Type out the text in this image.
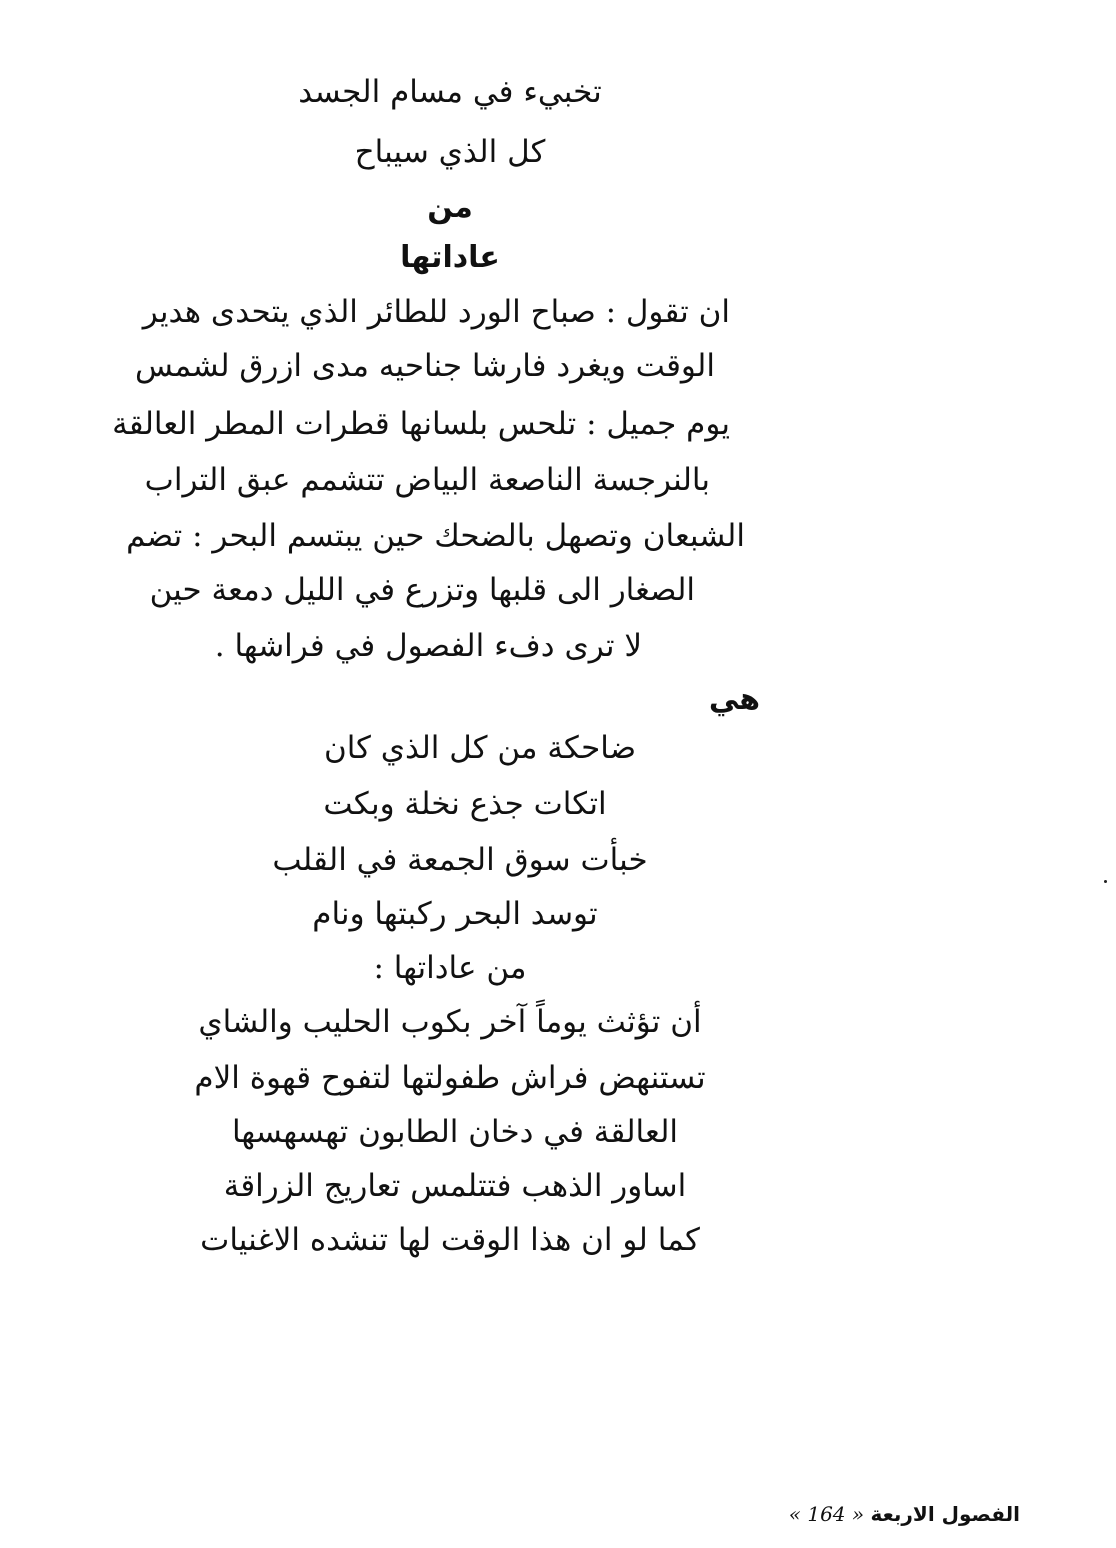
تخبيء في مسام الجسد
كل الذي سيباح
من
عاداتها
ان تقول : صباح الورد للطائر الذي يتحدى هدير
الوقت ويغرد فارشا جناحيه مدى ازرق لشمس
يوم جميل : تلحس بلسانها قطرات المطر العالقة
بالنرجسة الناصعة البياض تتشمم عبق التراب
الشبعان وتصهل بالضحك حين يبتسم البحر : تضم
الصغار الى قلبها وتزرع في الليل دمعة حين
لا ترى دفء الفصول في فراشها .
هي
ضاحكة من كل الذي كان
اتكات جذع نخلة وبكت
خبأت سوق الجمعة في القلب
توسد البحر ركبتها ونام
من عاداتها :
أن تؤثث يوماً آخر بكوب الحليب والشاي
تستنهض فراش طفولتها لتفوح قهوة الام
العالقة في دخان الطابون تهسهسها
اساور الذهب فتتلمس تعاريج الزراقة
كما لو ان هذا الوقت لها تنشده الاغنيات
الفصول الاربعة « 164 »
